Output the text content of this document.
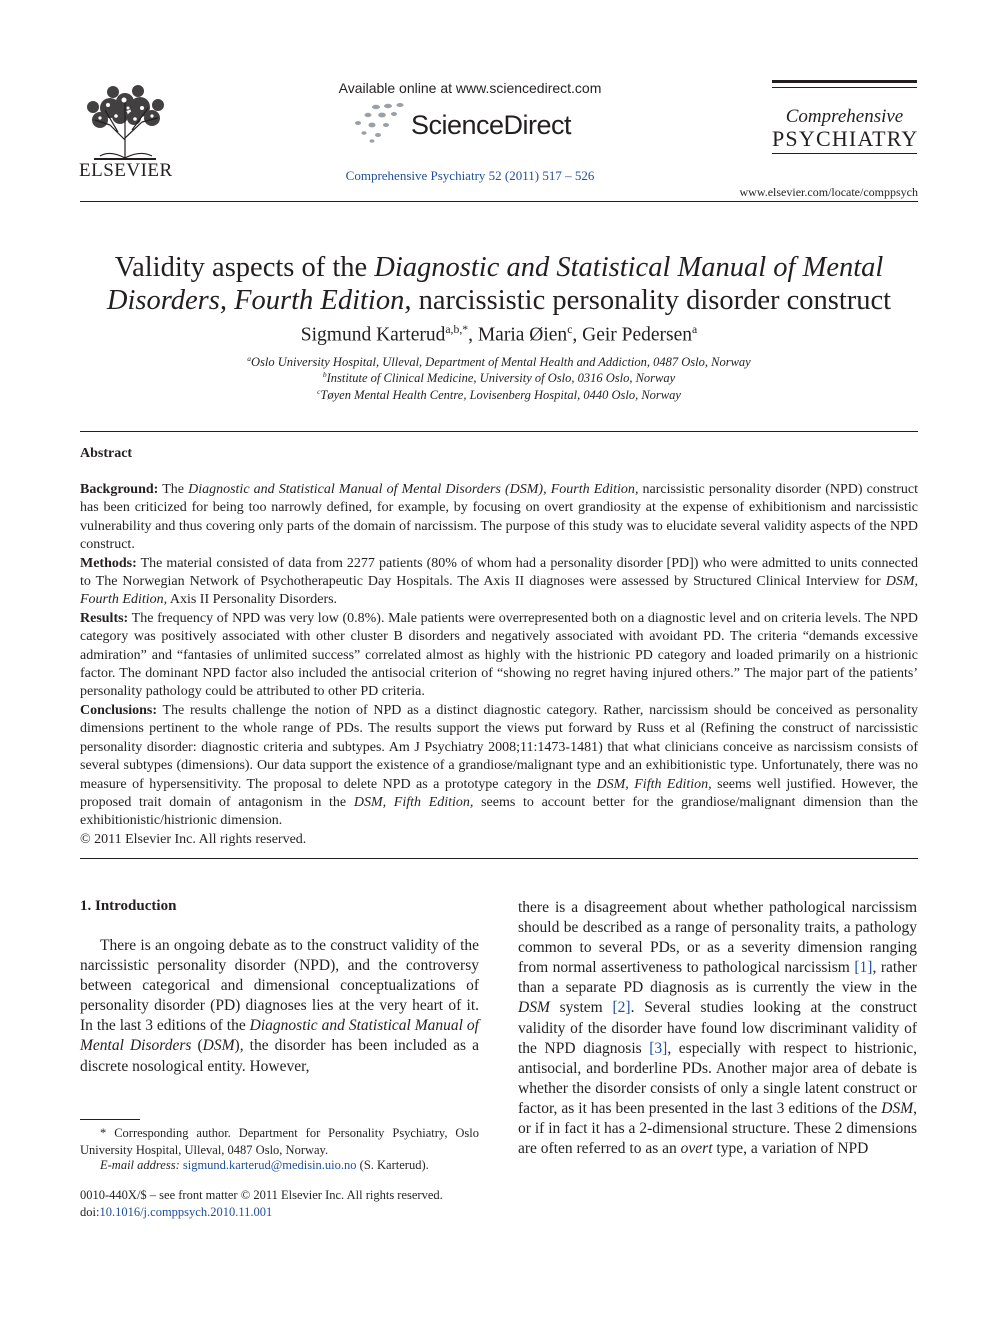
ELSEVIER
Available online at www.sciencedirect.com
ScienceDirect
Comprehensive Psychiatry 52 (2011) 517 – 526
Comprehensive
PSYCHIATRY
www.elsevier.com/locate/comppsych
Validity aspects of the Diagnostic and Statistical Manual of Mental Disorders, Fourth Edition, narcissistic personality disorder construct
Sigmund Karterud$^{a,b,*}$, Maria Øien$^c$, Geir Pedersen$^a$
$^a$Oslo University Hospital, Ulleval, Department of Mental Health and Addiction, 0487 Oslo, Norway
$^b$Institute of Clinical Medicine, University of Oslo, 0316 Oslo, Norway
$^c$Tøyen Mental Health Centre, Lovisenberg Hospital, 0440 Oslo, Norway
Abstract

Background: The Diagnostic and Statistical Manual of Mental Disorders (DSM), Fourth Edition, narcissistic personality disorder (NPD) construct has been criticized for being too narrowly defined, for example, by focusing on overt grandiosity at the expense of exhibitionism and narcissistic vulnerability and thus covering only parts of the domain of narcissism. The purpose of this study was to elucidate several validity aspects of the NPD construct.

Methods: The material consisted of data from 2277 patients (80% of whom had a personality disorder [PD]) who were admitted to units connected to The Norwegian Network of Psychotherapeutic Day Hospitals. The Axis II diagnoses were assessed by Structured Clinical Interview for DSM, Fourth Edition, Axis II Personality Disorders.

Results: The frequency of NPD was very low (0.8%). Male patients were overrepresented both on a diagnostic level and on criteria levels. The NPD category was positively associated with other cluster B disorders and negatively associated with avoidant PD. The criteria “demands excessive admiration” and “fantasies of unlimited success” correlated almost as highly with the histrionic PD category and loaded primarily on a histrionic factor. The dominant NPD factor also included the antisocial criterion of “showing no regret having injured others.” The major part of the patients’ personality pathology could be attributed to other PD criteria.

Conclusions: The results challenge the notion of NPD as a distinct diagnostic category. Rather, narcissism should be conceived as personality dimensions pertinent to the whole range of PDs. The results support the views put forward by Russ et al (Refining the construct of narcissistic personality disorder: diagnostic criteria and subtypes. Am J Psychiatry 2008;11:1473-1481) that what clinicians conceive as narcissism consists of several subtypes (dimensions). Our data support the existence of a grandiose/malignant type and an exhibitionistic type. Unfortunately, there was no measure of hypersensitivity. The proposal to delete NPD as a prototype category in the DSM, Fifth Edition, seems well justified. However, the proposed trait domain of antagonism in the DSM, Fifth Edition, seems to account better for the grandiose/malignant dimension than the exhibitionistic/histrionic dimension.

© 2011 Elsevier Inc. All rights reserved.

1. Introduction
There is an ongoing debate as to the construct validity of the narcissistic personality disorder (NPD), and the controversy between categorical and dimensional conceptualizations of personality disorder (PD) diagnoses lies at the very heart of it. In the last 3 editions of the Diagnostic and Statistical Manual of Mental Disorders (DSM), the disorder has been included as a discrete nosological entity. However,
there is a disagreement about whether pathological narcissism should be described as a range of personality traits, a pathology common to several PDs, or as a severity dimension ranging from normal assertiveness to pathological narcissism [1], rather than a separate PD diagnosis as is currently the view in the DSM system [2]. Several studies looking at the construct validity of the disorder have found low discriminant validity of the NPD diagnosis [3], especially with respect to histrionic, antisocial, and borderline PDs. Another major area of debate is whether the disorder consists of only a single latent construct or factor, as it has been presented in the last 3 editions of the DSM, or if in fact it has a 2-dimensional structure. These 2 dimensions are often referred to as an overt type, a variation of NPD
* Corresponding author. Department for Personality Psychiatry, Oslo University Hospital, Ulleval, 0487 Oslo, Norway.
E-mail address: sigmund.karterud@medisin.uio.no (S. Karterud).
0010-440X/$ – see front matter © 2011 Elsevier Inc. All rights reserved.
doi:10.1016/j.comppsych.2010.11.001
